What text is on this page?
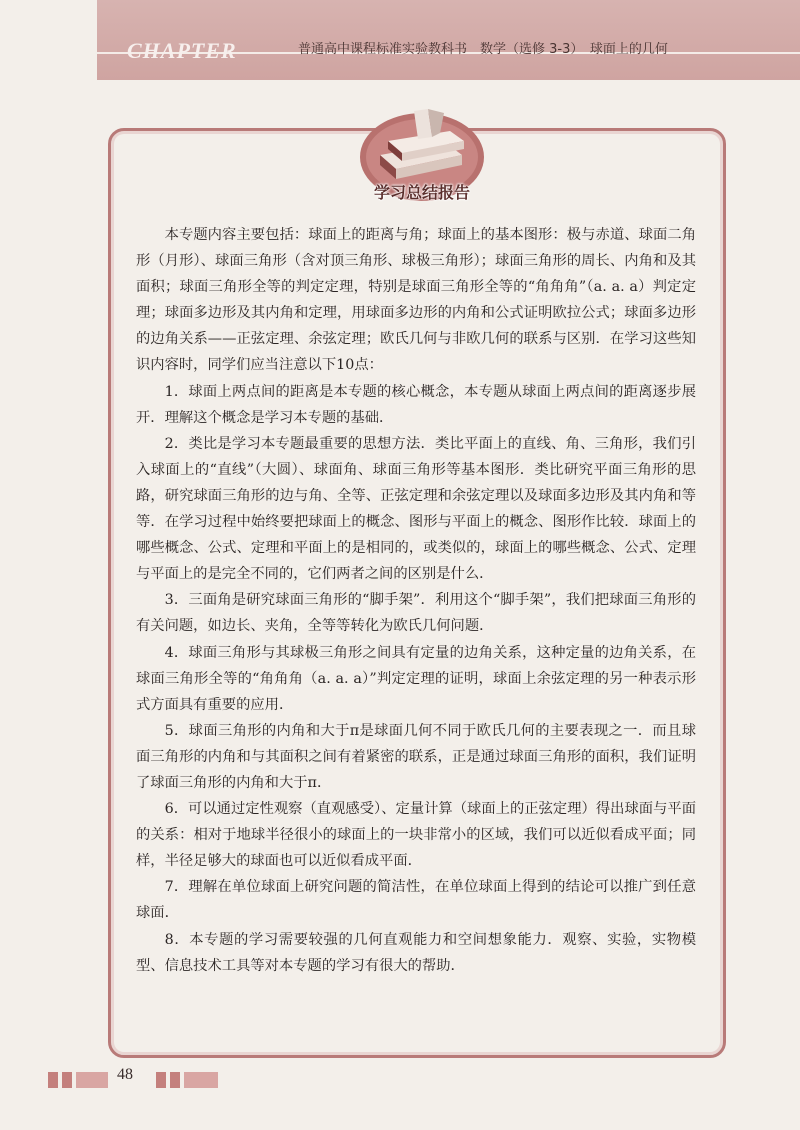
CHAPTER	普通高中课程标准实验教科书　数学（选修 3-3）　球面上的几何
学习总结报告

本专题内容主要包括：球面上的距离与角；球面上的基本图形：极与赤道、球面二角形（月形）、球面三角形（含对顶三角形、球极三角形）；球面三角形的周长、内角和及其面积；球面三角形全等的判定定理，特别是球面三角形全等的“角角角”（a. a. a）判定定理；球面多边形及其内角和定理，用球面多边形的内角和公式证明欧拉公式；球面多边形的边角关系——正弦定理、余弦定理；欧氏几何与非欧几何的联系与区别．在学习这些知识内容时，同学们应当注意以下10点：

1．球面上两点间的距离是本专题的核心概念，本专题从球面上两点间的距离逐步展开．理解这个概念是学习本专题的基础．

2．类比是学习本专题最重要的思想方法．类比平面上的直线、角、三角形，我们引入球面上的“直线”（大圆）、球面角、球面三角形等基本图形．类比研究平面三角形的思路，研究球面三角形的边与角、全等、正弦定理和余弦定理以及球面多边形及其内角和等等．在学习过程中始终要把球面上的概念、图形与平面上的概念、图形作比较．球面上的哪些概念、公式、定理和平面上的是相同的，或类似的，球面上的哪些概念、公式、定理与平面上的是完全不同的，它们两者之间的区别是什么．

3．三面角是研究球面三角形的“脚手架”．利用这个“脚手架”，我们把球面三角形的有关问题，如边长、夹角，全等等转化为欧氏几何问题．

4．球面三角形与其球极三角形之间具有定量的边角关系，这种定量的边角关系，在球面三角形全等的“角角角（a. a. a）”判定定理的证明，球面上余弦定理的另一种表示形式方面具有重要的应用．

5．球面三角形的内角和大于π是球面几何不同于欧氏几何的主要表现之一．而且球面三角形的内角和与其面积之间有着紧密的联系，正是通过球面三角形的面积，我们证明了球面三角形的内角和大于π．

6．可以通过定性观察（直观感受）、定量计算（球面上的正弦定理）得出球面与平面的关系：相对于地球半径很小的球面上的一块非常小的区域，我们可以近似看成平面；同样，半径足够大的球面也可以近似看成平面．

7．理解在单位球面上研究问题的简洁性，在单位球面上得到的结论可以推广到任意球面．

8．本专题的学习需要较强的几何直观能力和空间想象能力．观察、实验，实物模型、信息技术工具等对本专题的学习有很大的帮助．

48
